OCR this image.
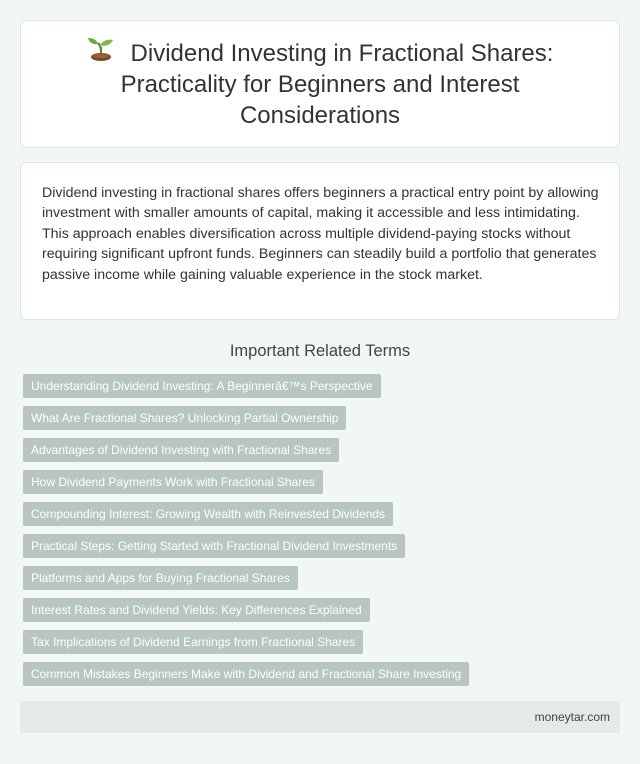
Dividend Investing in Fractional Shares: Practicality for Beginners and Interest Considerations

Dividend investing in fractional shares offers beginners a practical entry point by allowing investment with smaller amounts of capital, making it accessible and less intimidating. This approach enables diversification across multiple dividend-paying stocks without requiring significant upfront funds. Beginners can steadily build a portfolio that generates passive income while gaining valuable experience in the stock market.

Important Related Terms
Understanding Dividend Investing: A Beginnerâ€™s Perspective
What Are Fractional Shares? Unlocking Partial Ownership
Advantages of Dividend Investing with Fractional Shares
How Dividend Payments Work with Fractional Shares
Compounding Interest: Growing Wealth with Reinvested Dividends
Practical Steps: Getting Started with Fractional Dividend Investments
Platforms and Apps for Buying Fractional Shares
Interest Rates and Dividend Yields: Key Differences Explained
Tax Implications of Dividend Earnings from Fractional Shares
Common Mistakes Beginners Make with Dividend and Fractional Share Investing
moneytar.com
